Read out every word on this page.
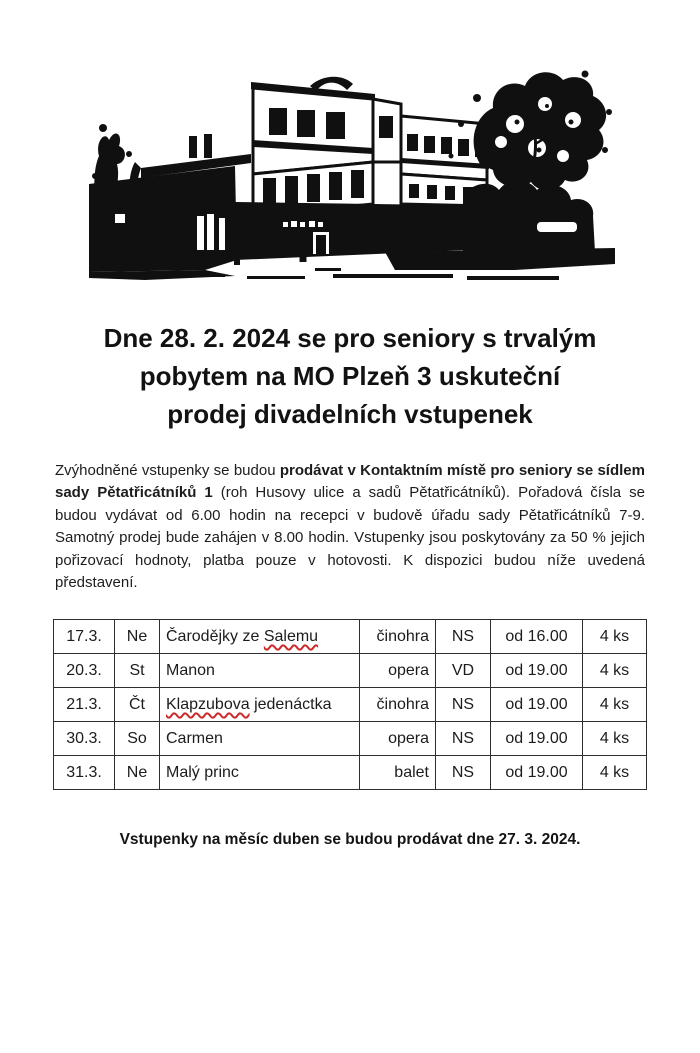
Dne 28. 2. 2024 se pro seniory s trvalým
pobytem na MO Plzeň 3 uskuteční
prodej divadelních vstupenek

Zvýhodněné vstupenky se budou prodávat v Kontaktním místě pro seniory se sídlem sady Pětatřicátníků 1 (roh Husovy ulice a sadů Pětatřicátníků). Pořadová čísla se budou vydávat od 6.00 hodin na recepci v budově úřadu sady Pětatřicátníků 7-9. Samotný prodej bude zahájen v 8.00 hodin. Vstupenky jsou poskytovány za 50 % jejich pořizovací hodnoty, platba pouze v hotovosti. K dispozici budou níže uvedená představení.

17.3.	Ne	Čarodějky ze Salemu	činohra	NS	od 16.00	4 ks
20.3.	St	Manon	opera	VD	od 19.00	4 ks
21.3.	Čt	Klapzubova jedenáctka	činohra	NS	od 19.00	4 ks
30.3.	So	Carmen	opera	NS	od 19.00	4 ks
31.3.	Ne	Malý princ	balet	NS	od 19.00	4 ks

Vstupenky na měsíc duben se budou prodávat dne 27. 3. 2024.
